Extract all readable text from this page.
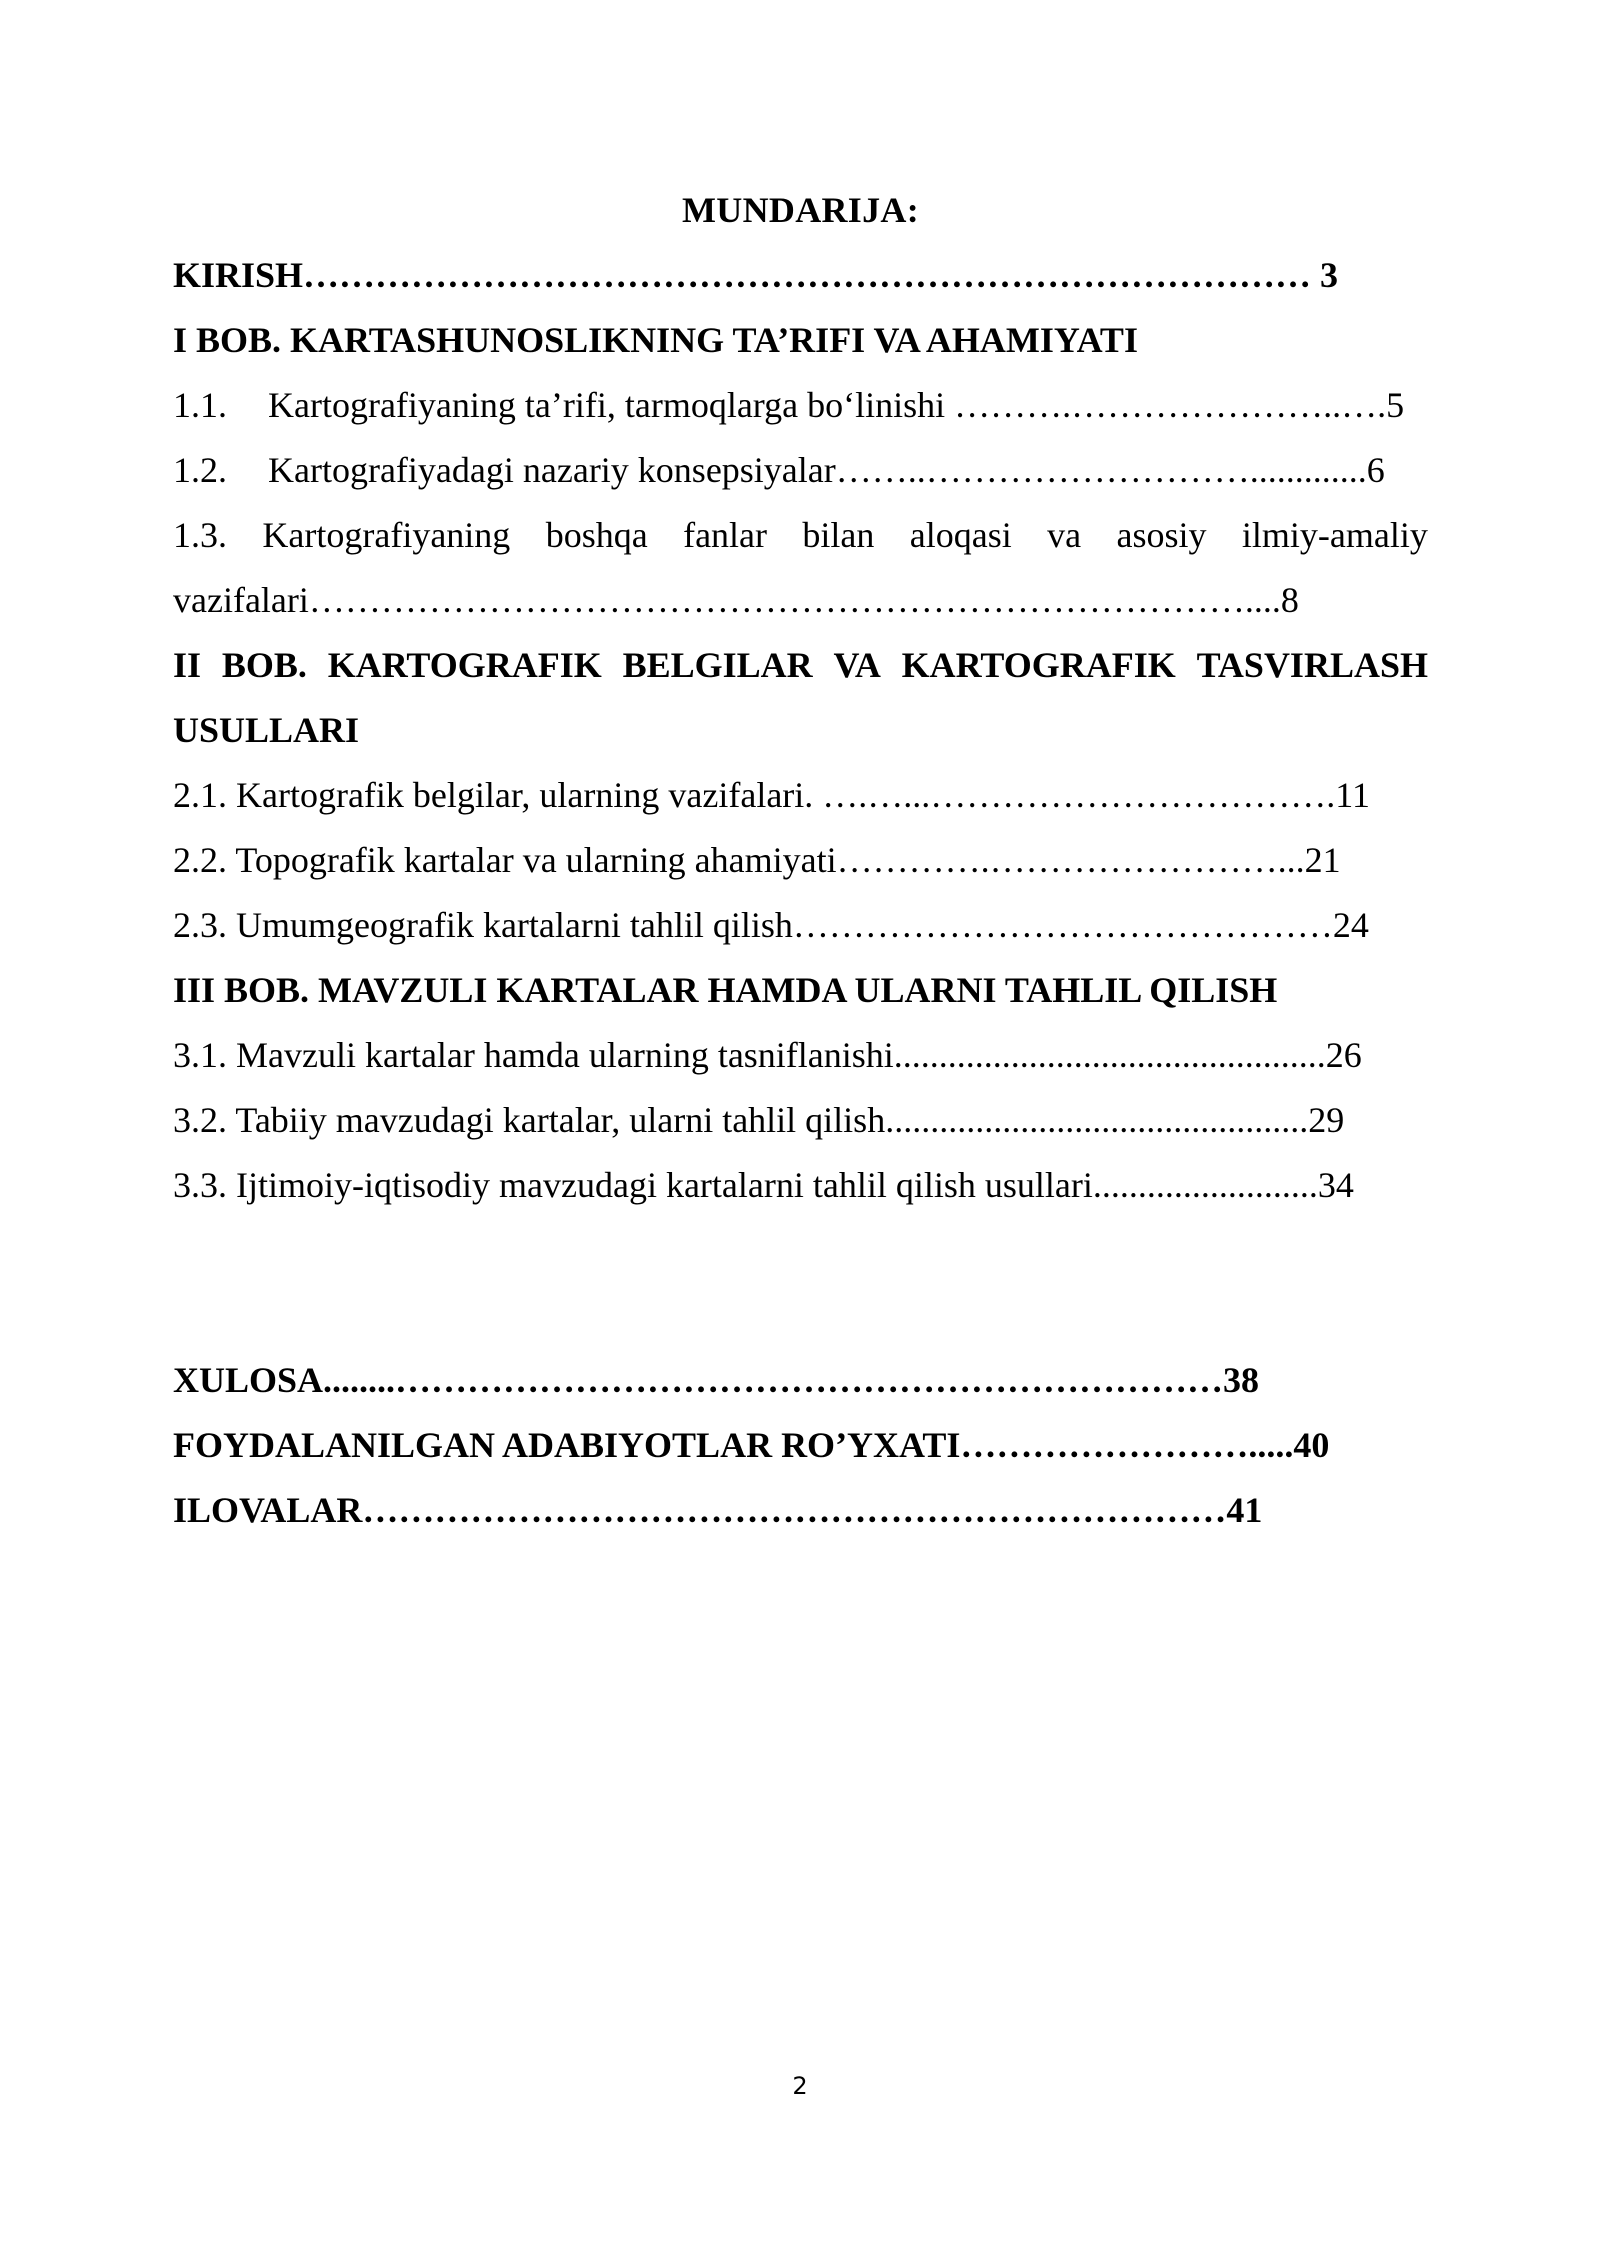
MUNDARIJA:
KIRISH………………………………………………………………………… 3
I BOB. KARTASHUNOSLIKNING TA’RIFI VA AHAMIYATI
1.1.	Kartografiyaning ta’rifi, tarmoqlarga bo‘linishi ……….…………………..….5
1.2.	Kartografiyadagi nazariy konsepsiyalar……..……………………….............6
1.3. Kartografiyaning boshqa fanlar bilan aloqasi va asosiy ilmiy-amaliy
vazifalari……………………………………………………………………....8
II BOB. KARTOGRAFIK BELGILAR VA KARTOGRAFIK TASVIRLASH
USULLARI
2.1. Kartografik belgilar, ularning vazifalari. ….…...…………………………….11
2.2. Topografik kartalar va ularning ahamiyati………….……………………...21
2.3. Umumgeografik kartalarni tahlil qilish………………………………………24
III BOB. MAVZULI KARTALAR HAMDA ULARNI TAHLIL QILISH
3.1. Mavzuli kartalar hamda ularning tasniflanishi................................................26
3.2. Tabiiy mavzudagi kartalar, ularni tahlil qilish...............................................29
3.3. Ijtimoiy-iqtisodiy mavzudagi kartalarni tahlil qilish usullari.........................34
XULOSA........……………………………………………………………38
FOYDALANILGAN ADABIYOTLAR RO’YXATI…………………….....40
ILOVALAR………………………………………………………………41
2
